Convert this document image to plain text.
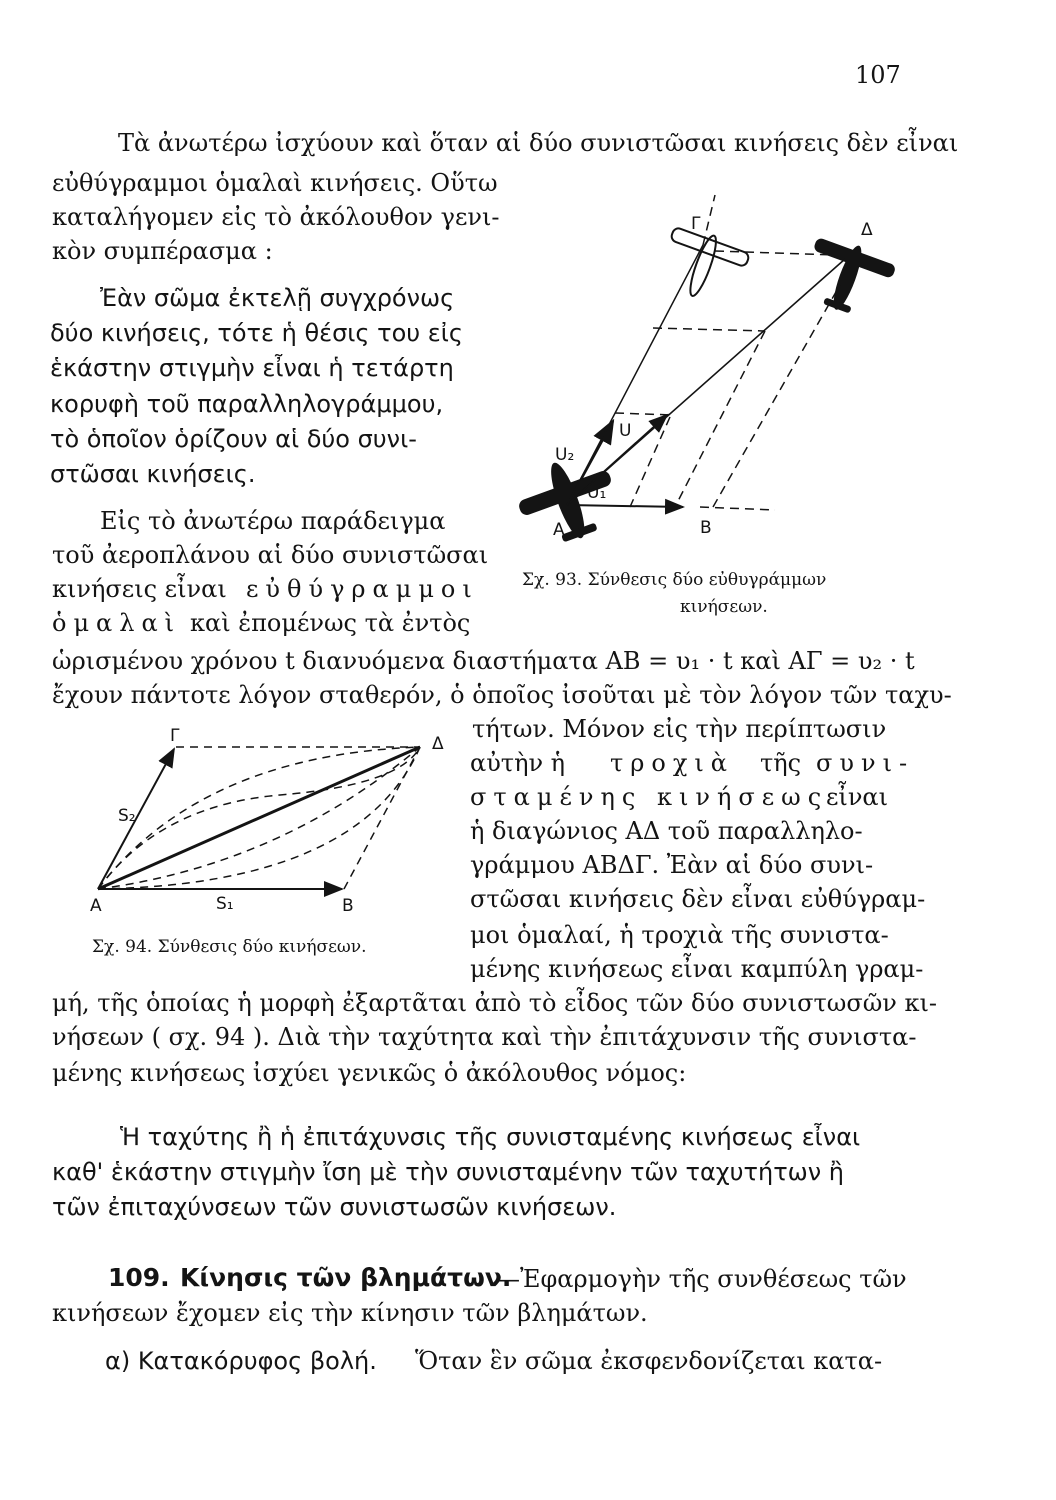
107
Τὰ ἀνωτέρω ἰσχύουν καὶ ὅταν αἱ δύο συνιστῶσαι κινήσεις δὲν εἶναι
εὐθύγραμμοι ὁμαλαὶ κινήσεις. Οὕτω
καταλήγομεν εἰς τὸ ἀκόλουθον γενι-
κὸν συμπέρασμα :
Ἐὰν σῶμα ἐκτελῇ συγχρόνως
δύο κινήσεις, τότε ἡ θέσις του εἰς
ἑκάστην στιγμὴν εἶναι ἡ τετάρτη
κορυφὴ τοῦ παραλληλογράμμου,
τὸ ὁποῖον ὁρίζουν αἱ δύο συνι-
στῶσαι κινήσεις.
Γ	Δ
A	B
U
U₁
U₂
Σχ. 93. Σύνθεσις δύο εὐθυγράμμων
κινήσεων.
Εἰς τὸ ἀνωτέρω παράδειγμα
τοῦ ἀεροπλάνου αἱ δύο συνιστῶσαι
κινήσεις εἶναι εὐθύγραμμοι
ὁμαλαὶ καὶ ἐπομένως τὰ ἐντὸς
ὡρισμένου χρόνου t διανυόμενα διαστήματα ΑΒ = υ₁ · t καὶ ΑΓ = υ₂ · t
ἔχουν πάντοτε λόγον σταθερόν, ὁ ὁποῖος ἰσοῦται μὲ τὸν λόγον τῶν ταχυ-
τήτων. Μόνον εἰς τὴν περίπτωσιν
αὐτὴν ἡ τροχιὰ τῆς συνι-
σταμένης κινήσεως
εἶναι
ἡ διαγώνιος ΑΔ τοῦ παραλληλο-
γράμμου ΑΒΔΓ. Ἐὰν αἱ δύο συνι-
στῶσαι κινήσεις δὲν εἶναι εὐθύγραμ-
μοι ὁμαλαί, ἡ τροχιὰ τῆς συνιστα-
μένης κινήσεως εἶναι καμπύλη γραμ-
μή, τῆς ὁποίας ἡ μορφὴ ἐξαρτᾶται ἀπὸ τὸ εἶδος τῶν δύο συνιστωσῶν κι-
νήσεων ( σχ. 94 ). Διὰ τὴν ταχύτητα καὶ τὴν ἐπιτάχυνσιν τῆς συνιστα-
μένης κινήσεως ἰσχύει γενικῶς ὁ ἀκόλουθος νόμος:
Γ	Δ
A	B
S₁
S₂
Σχ. 94. Σύνθεσις δύο κινήσεων.
Ἡ ταχύτης ἢ ἡ ἐπιτάχυνσις τῆς συνισταμένης κινήσεως εἶναι
καθ' ἑκάστην στιγμὴν ἴση μὲ τὴν συνισταμένην τῶν ταχυτήτων ἢ
τῶν ἐπιταχύνσεων τῶν συνιστωσῶν κινήσεων.
109. Κίνησις τῶν βλημάτων.
—Ἐφαρμογὴν τῆς συνθέσεως τῶν
κινήσεων ἔχομεν εἰς τὴν κίνησιν τῶν βλημάτων.
α) Κατακόρυφος βολή. Ὅταν ἓν σῶμα ἐκσφενδονίζεται κατα-
